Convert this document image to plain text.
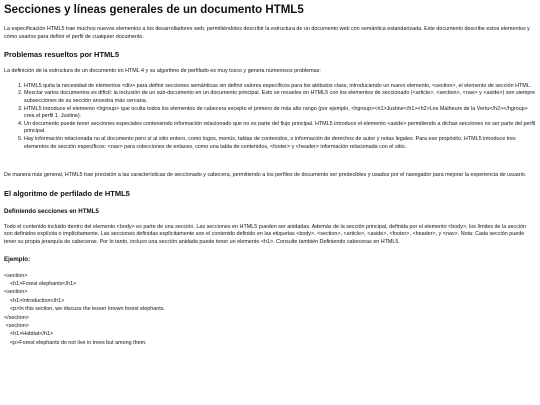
Secciones y líneas generales de un documento HTML5

La especificación HTML5 trae muchos nuevos elementos a los desarrolladores web, permitiéndoles describir la estructura de un documento web con semántica estandarizada. Este documento describe estos elementos y cómo usarlos para definir el perfil de cualquier documento.

Problemas resueltos por HTML5

La definición de la estructura de un documento en HTML 4 y su algoritmo de perfilado es muy tosco y genera numerosos problemas:

1. HTML5 quita la necesidad de elementos <div> para definir secciones semánticas sin definir valores específicos para los atributos class, introduciendo un nuevo elemento, <section>, el elemento de sección HTML.
2. Mezclar varios documentos es difícil: la inclusión de un sub-documento en un documento principal. Esto se resuelve en HTML5 con los elementos de seccionado (<article>, <section>, <nav> y <aside>) son siempre subsecciones de su sección ancestra más cercana.
3. HTML5 introduce el elemento <hgroup> que oculta todos los elementos de cabecera excepto el primero de más alto rango (por ejemplo, <hgroup><h1>Justine</h1><h2>Les Malheurs de la Vertu</h2></hgroup> crea el perfil 1. Justine).
4. Un documento puede tener secciones especiales conteniendo información relacionado que no es parte del flujo principal. HTML5 introduce el elemento <aside> permitiendo a dichas secciones no ser parte del perfil principal.
5. Hay información relacionada no al documento pero sí al sitio entero, como logos, menús, tablas de contenidos, o información de derechos de autor y notas legales. Para ese propósito, HTML5 introduce tres elementos de sección específicos: <nav> para colecciones de enlaces, como una tabla de contenidos, <footer> y <header> información relacionada con el sitio.

De manera más general, HTML5 trae precisión a las características de seccionado y cabecera, permitiendo a los perfiles de documento ser predecibles y usados por el navegador para mejorar la experiencia de usuario.

El algoritmo de perfilado de HTML5
Definiendo secciones en HTML5

Todo el contenido incluido dentro del elemento <body> es parte de una sección. Las secciones en HTML5 pueden ser anidadas. Además de la sección principal, definida por el elemento <body>, los límites de la sección son definidos explícita o implícitamente. Las secciones definidas explícitamente son el contenido definido en las etiquetas <body>, <section>, <article>, <aside>, <footer>, <header>, y <nav>. Nota: Cada sección puede tener su propia jerarquía de cabeceras. Por lo tanto, incluso una sección anidada puede tener un elemento <h1>. Consulte también Definiendo cabeceras en HTML5.

Ejemplo:
<section>
<h1>Forest elephants</h1>
<section>
<h1>Introduction</h1>
<p>In this section, we discuss the lesser known forest elephants.
</section>
<section>
<h1>Habitat</h1>
<p>Forest elephants do not live in trees but among them.
